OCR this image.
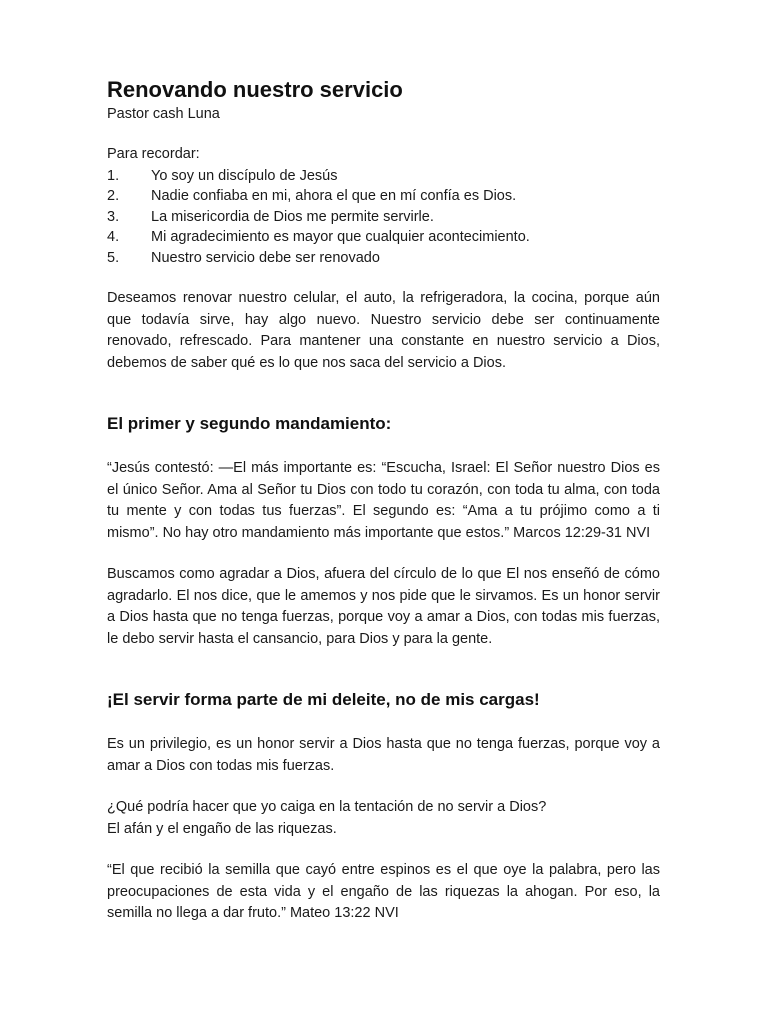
Renovando nuestro servicio
Pastor cash Luna

Para recordar:

1.	Yo soy un discípulo de Jesús
2.	Nadie confiaba en mi, ahora el que en mí confía es Dios.
3.	La misericordia de Dios me permite servirle.
4.	Mi agradecimiento es mayor que cualquier acontecimiento.
5.	Nuestro servicio debe ser renovado

Deseamos renovar nuestro celular, el auto, la refrigeradora, la cocina, porque aún que todavía sirve, hay algo nuevo. Nuestro servicio debe ser continuamente renovado, refrescado. Para mantener una constante en nuestro servicio a Dios, debemos de saber qué es lo que nos saca del servicio a Dios.

El primer y segundo mandamiento:

“Jesús contestó: —El más importante es: “Escucha, Israel: El Señor nuestro Dios es el único Señor. Ama al Señor tu Dios con todo tu corazón, con toda tu alma, con toda tu mente y con todas tus fuerzas”. El segundo es: “Ama a tu prójimo como a ti mismo”. No hay otro mandamiento más importante que estos.” Marcos 12:29-31 NVI

Buscamos como agradar a Dios, afuera del círculo de lo que El nos enseñó de cómo agradarlo. El nos dice, que le amemos y nos pide que le sirvamos. Es un honor servir a Dios hasta que no tenga fuerzas, porque voy a amar a Dios, con todas mis fuerzas, le debo servir hasta el cansancio, para Dios y para la gente.

¡El servir forma parte de mi deleite, no de mis cargas!

Es un privilegio, es un honor servir a Dios hasta que no tenga fuerzas, porque voy a amar a Dios con todas mis fuerzas.

¿Qué podría hacer que yo caiga en la tentación de no servir a Dios?

El afán y el engaño de las riquezas.

“El que recibió la semilla que cayó entre espinos es el que oye la palabra, pero las preocupaciones de esta vida y el engaño de las riquezas la ahogan. Por eso, la semilla no llega a dar fruto.” Mateo 13:22 NVI
